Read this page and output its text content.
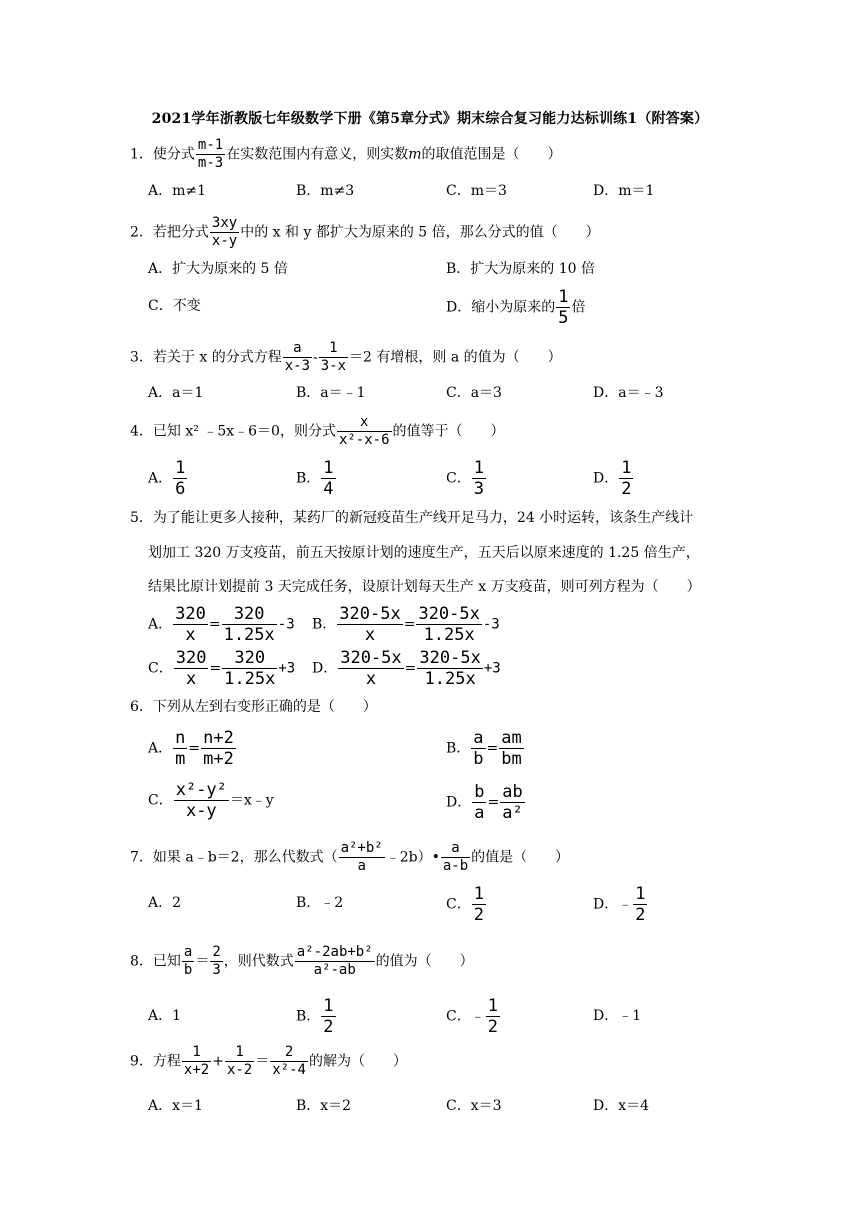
2021学年浙教版七年级数学下册《第5章分式》期末综合复习能力达标训练1（附答案）
1．使分式 $\frac{m-1}{m-3}$ 在实数范围内有意义，则实数m的取值范围是（　　）
A．m≠1	B．m≠3	C．m＝3	D．m＝1
2．若把分式 $\frac{3xy}{x-y}$ 中的 x 和 y 都扩大为原来的 5 倍，那么分式的值（　　）
A．扩大为原来的 5 倍	B．扩大为原来的 10 倍
C．不变	D．缩小为原来的 $\frac{1}{5}$ 倍
3．若关于 x 的分式方程 $\frac{a}{x-3} - \frac{1}{3-x} =2$ 有增根，则 a 的值为（　　）
A．a＝1	B．a＝﹣1	C．a＝3	D．a＝﹣3
4．已知 x² ﹣5x﹣6＝0，则分式 $\frac{x}{\text{x²-x-6}}$ 的值等于（　　）
A． $\frac{1}{6}$	B． $\frac{1}{4}$	C． $\frac{1}{3}$	D． $\frac{1}{2}$
5．为了能让更多人接种，某药厂的新冠疫苗生产线开足马力，24 小时运转，该条生产线计
划加工 320 万支疫苗，前五天按原计划的速度生产，五天后以原来速度的 1.25 倍生产，
结果比原计划提前 3 天完成任务，设原计划每天生产 x 万支疫苗，则可列方程为（　　）
A． $\frac{320}{x} = \frac{320}{1.25x} -3$ B． $\frac{320-5x}{x} = \frac{320-5x}{1.25x} -3$
C． $\frac{320}{x} = \frac{320}{1.25x} +3$ D． $\frac{320-5x}{x} = \frac{320-5x}{1.25x} +3$
6．下列从左到右变形正确的是（　　）
A． $\frac{n}{m} = \frac{n+2}{m+2}$	B． $\frac{a}{b} = \frac{am}{bm}$
C． $\frac{\text{x²-y²}}{x-y}$ ＝x﹣y	D． $\frac{b}{a} = \frac{ab}{\text{a²}}$
7．如果 a﹣b＝2，那么代数式（ $\frac{\text{a²+b²}}{a}$ ﹣2b）• $\frac{a}{a-b}$ 的值是（　　）
A．2	B．﹣2	C． $\frac{1}{2}$	D．﹣ $\frac{1}{2}$
8．已知 $\frac{a}{b} = \frac{2}{3}$ ，则代数式 $\frac{\text{a²-2ab+b²}}{\text{a²-ab}}$ 的值为（　　）
A．1	B． $\frac{1}{2}$	C．﹣ $\frac{1}{2}$	D．﹣1
9．方程 $\frac{1}{x+2} + \frac{1}{x-2} = \frac{2}{\text{x²-4}}$ 的解为（　　）
A．x＝1	B．x＝2	C．x＝3	D．x＝4
